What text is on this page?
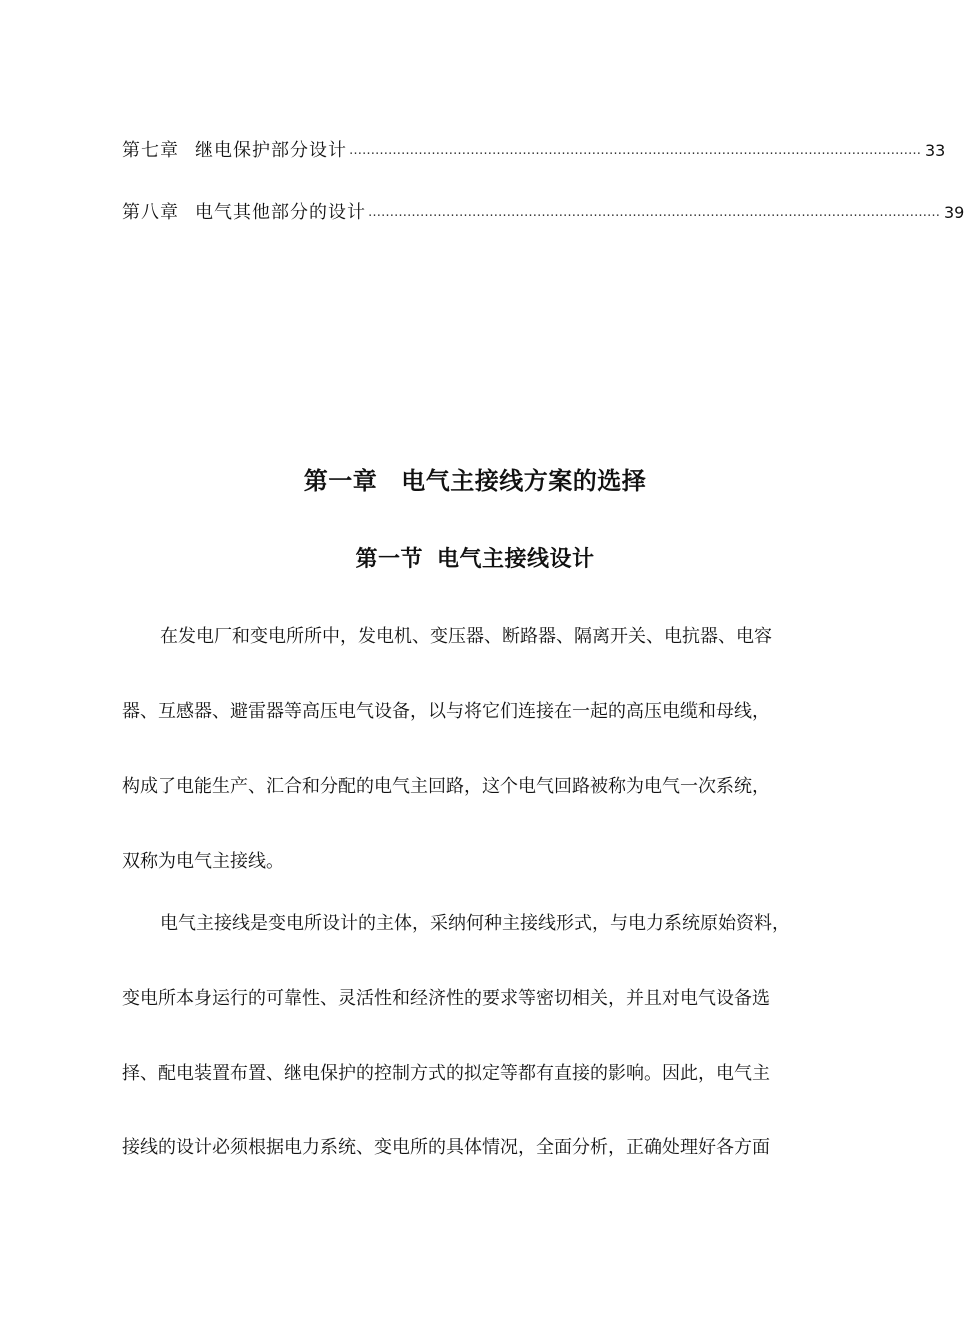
第七章 继电保护部分设计 …………………………………………………………………………………………………………………… 33
第八章 电气其他部分的设计 …………………………………………………………………………………………………………………… 39
第一章 电气主接线方案的选择
第一节 电气主接线设计
在发电厂和变电所所中，发电机、变压器、断路器、隔离开关、电抗器、电容
器、互感器、避雷器等高压电气设备，以与将它们连接在一起的高压电缆和母线，
构成了电能生产、汇合和分配的电气主回路，这个电气回路被称为电气一次系统，
双称为电气主接线。
电气主接线是变电所设计的主体，采纳何种主接线形式，与电力系统原始资料，
变电所本身运行的可靠性、灵活性和经济性的要求等密切相关，并且对电气设备选
择、配电装置布置、继电保护的控制方式的拟定等都有直接的影响。因此，电气主
接线的设计必须根据电力系统、变电所的具体情况，全面分析，正确处理好各方面
